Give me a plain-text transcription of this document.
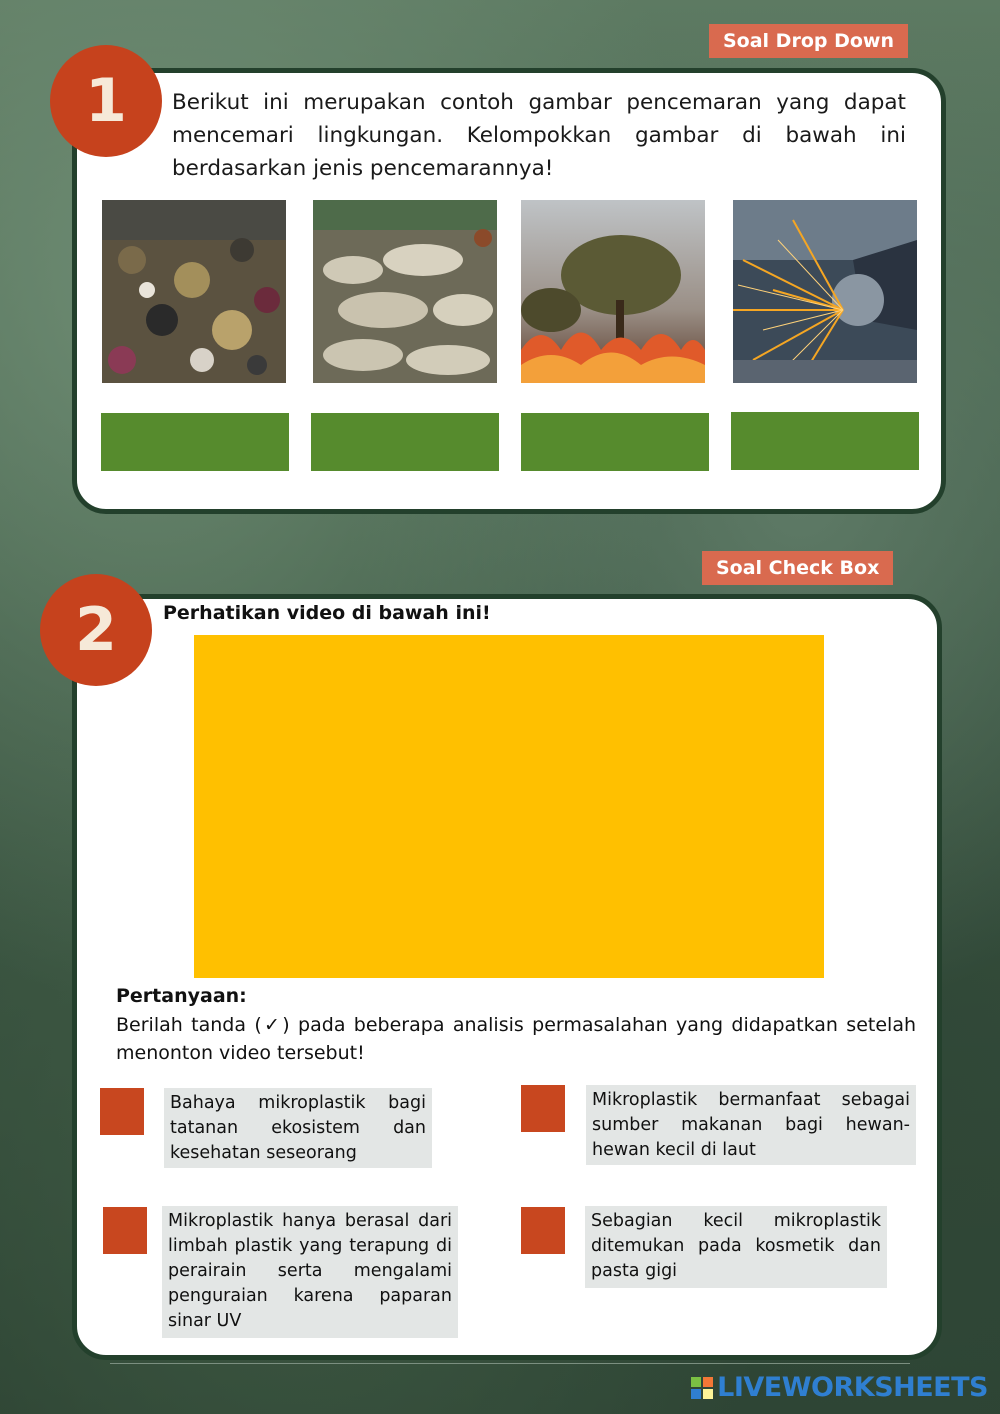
Soal Drop Down
1	Berikut ini merupakan contoh gambar pencemaran yang dapat mencemari lingkungan. Kelompokkan gambar di bawah ini berdasarkan jenis pencemarannya!

Soal Check Box
2	Perhatikan video di bawah ini!

Pertanyaan:

Berilah tanda (✓) pada beberapa analisis permasalahan yang didapatkan setelah menonton video tersebut!

Bahaya mikroplastik bagi tatanan ekosistem dan kesehatan seseorang
Mikroplastik bermanfaat sebagai sumber makanan bagi hewan-hewan kecil di laut
Mikroplastik hanya berasal dari limbah plastik yang terapung di perairain serta mengalami penguraian karena paparan sinar UV
Sebagian kecil mikroplastik ditemukan pada kosmetik dan pasta gigi
LIVEWORKSHEETS
